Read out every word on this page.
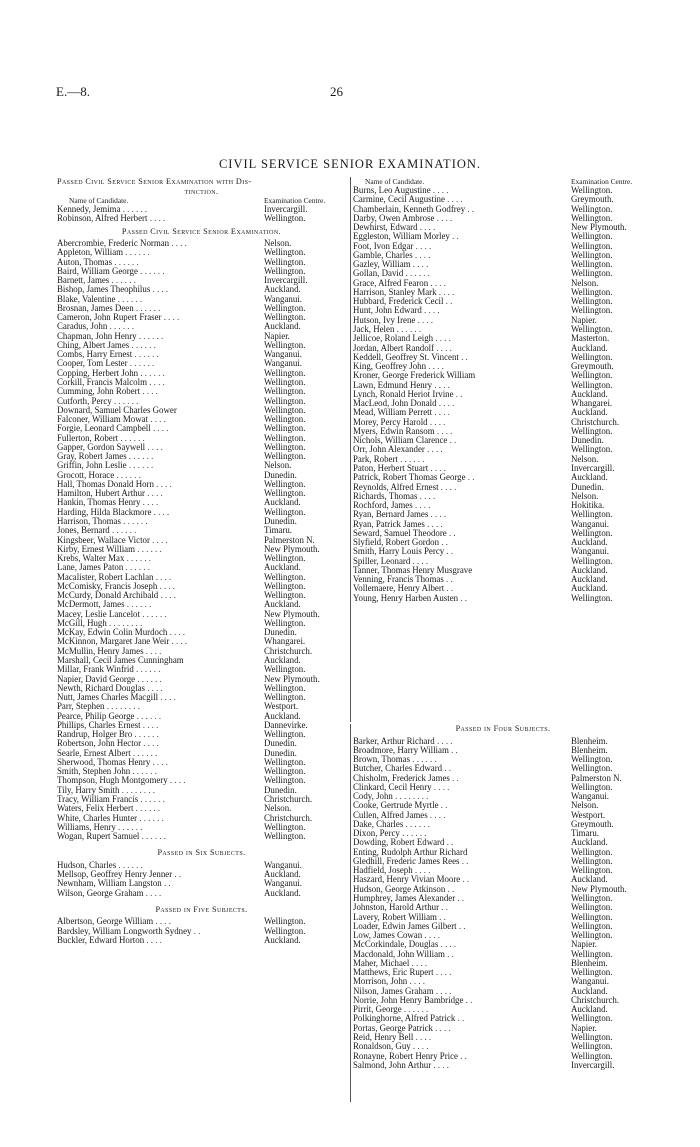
E.—8.	26
CIVIL SERVICE SENIOR EXAMINATION.
Passed Civil Service Senior Examination with Dis-
tinction.
Name of Candidate.	Examination Centre.
Kennedy, Jemima . . . . . .	Invercargill.
Robinson, Alfred Herbert . . . .	Wellington.
Passed Civil Service Senior Examination.
Abercrombie, Frederic Norman . . . .	Nelson.
Appleton, William . . . . . .	Wellington.
Auton, Thomas . . . . . .	Wellington.
Baird, William George . . . . . .	Wellington.
Barnett, James . . . . . .	Invercargill.
Bishop, James Theophilus . . . .	Auckland.
Blake, Valentine . . . . . .	Wanganui.
Brosnan, James Deen . . . . . .	Wellington.
Cameron, John Rupert Fraser . . . .	Wellington.
Caradus, John . . . . . .	Auckland.
Chapman, John Henry . . . . . .	Napier.
Ching, Albert James . . . . . .	Wellington.
Combs, Harry Ernest . . . . . .	Wanganui.
Cooper, Tom Lester . . . . . .	Wanganui.
Copping, Herbert John . . . . . .	Wellington.
Corkill, Francis Malcolm . . . .	Wellington.
Cumming, John Robert . . . .	Wellington.
Cutforth, Percy . . . . . .	Wellington.
Downard, Samuel Charles Gower	Wellington.
Falconer, William Mowat . . . .	Wellington.
Forgie, Leonard Campbell . . . .	Wellington.
Fullerton, Robert . . . . . .	Wellington.
Gapper, Gordon Saywell . . . .	Wellington.
Gray, Robert James . . . . . .	Wellington.
Griffin, John Leslie . . . . . .	Nelson.
Grocott, Horace . . . . . .	Dunedin.
Hall, Thomas Donald Horn . . . .	Wellington.
Hamilton, Hubert Arthur . . . .	Wellington.
Hankin, Thomas Henry . . . .	Auckland.
Harding, Hilda Blackmore . . . .	Wellington.
Harrison, Thomas . . . . . .	Dunedin.
Jones, Bernard . . . . . .	Timaru.
Kingsbeer, Wallace Victor . . . .	Palmerston N.
Kirby, Ernest William . . . . . .	New Plymouth.
Krebs, Walter Max . . . . . .	Wellington.
Lane, James Paton . . . . . .	Auckland.
Macalister, Robert Lachlan . . . .	Wellington.
McComisky, Francis Joseph . . . .	Wellington.
McCurdy, Donald Archibald . . . .	Wellington.
McDermott, James . . . . . .	Auckland.
Macey, Leslie Lancelot . . . . . .	New Plymouth.
McGill, Hugh . . . . . . . .	Wellington.
McKay, Edwin Colin Murdoch . . . .	Dunedin.
McKinnon, Margaret Jane Weir . . . .	Whangarei.
McMullin, Henry James . . . .	Christchurch.
Marshall, Cecil James Cunningham	Auckland.
Millar, Frank Winfrid . . . . . .	Wellington.
Napier, David George . . . . . .	New Plymouth.
Newth, Richard Douglas . . . .	Wellington.
Nutt, James Charles Macgill . . . .	Wellington.
Parr, Stephen . . . . . . . .	Westport.
Pearce, Philip George . . . . . .	Auckland.
Phillips, Charles Ernest . . . .	Dannevirke.
Randrup, Holger Bro . . . . . .	Wellington.
Robertson, John Hector . . . .	Dunedin.
Searle, Ernest Albert . . . . . .	Dunedin.
Sherwood, Thomas Henry . . . .	Wellington.
Smith, Stephen John . . . . . .	Wellington.
Thompson, Hugh Montgomery . . . .	Wellington.
Tily, Harry Smith . . . . . . . .	Dunedin.
Tracy, William Francis . . . . . .	Christchurch.
Waters, Felix Herbert . . . . . .	Nelson.
White, Charles Hunter . . . . . .	Christchurch.
Williams, Henry . . . . . .	Wellington.
Wogan, Rupert Samuel . . . . . .	Wellington.
Passed in Six Subjects.
Hudson, Charles . . . . . .	Wanganui.
Mellsop, Geoffrey Henry Jenner . .	Auckland.
Newnham, William Langston . .	Wanganui.
Wilson, George Graham . . . .	Auckland.
Passed in Five Subjects.
Albertson, George William . . . .	Wellington.
Bardsley, William Longworth Sydney . .	Wellington.
Buckler, Edward Horton . . . .	Auckland.
Name of Candidate.	Examination Centre.
Burns, Leo Augustine . . . .	Wellington.
Carmine, Cecil Augustine . . . .	Greymouth.
Chamberlain, Kenneth Godfrey . .	Wellington.
Darby, Owen Ambrose . . . .	Wellington.
Dewhirst, Edward . . . .	New Plymouth.
Eggleston, William Morley . .	Wellington.
Foot, Ivon Edgar . . . .	Wellington.
Gamble, Charles . . . .	Wellington.
Gazley, William . . . .	Wellington.
Gollan, David . . . . . .	Wellington.
Grace, Alfred Fearon . . . .	Nelson.
Harrison, Stanley Mark . . . .	Wellington.
Hubbard, Frederick Cecil . .	Wellington.
Hunt, John Edward . . . .	Wellington.
Hutson, Ivy Irene . . . .	Napier.
Jack, Helen . . . . . .	Wellington.
Jellicoe, Roland Leigh . . . .	Masterton.
Jordan, Albert Randolf . . . .	Auckland.
Keddell, Geoffrey St. Vincent . .	Wellington.
King, Geoffrey John . . . .	Greymouth.
Kroner, George Frederick William	Wellington.
Lawn, Edmund Henry . . . .	Wellington.
Lynch, Ronald Heriot Irvine . .	Auckland.
MacLeod, John Donald . . . .	Whangarei.
Mead, William Perrett . . . .	Auckland.
Morey, Percy Harold . . . .	Christchurch.
Myers, Edwin Ransom . . . .	Wellington.
Nichols, William Clarence . .	Dunedin.
Orr, John Alexander . . . .	Wellington.
Park, Robert . . . . . .	Nelson.
Paton, Herbert Stuart . . . .	Invercargill.
Patrick, Robert Thomas George . .	Auckland.
Reynolds, Alfred Ernest . . . .	Dunedin.
Richards, Thomas . . . .	Nelson.
Rochford, James . . . .	Hokitika.
Ryan, Bernard James . . . .	Wellington.
Ryan, Patrick James . . . .	Wanganui.
Seward, Samuel Theodore . .	Wellington.
Slyfield, Robert Gordon . .	Auckland.
Smith, Harry Louis Percy . .	Wanganui.
Spiller, Leonard . . . .	Wellington.
Tanner, Thomas Henry Musgrave	Auckland.
Venning, Francis Thomas . .	Auckland.
Vollemaere, Henry Albert . .	Auckland.
Young, Henry Harben Austen . .	Wellington.
Passed in Four Subjects.
Barker, Arthur Richard . . . .	Blenheim.
Broadmore, Harry William . .	Blenheim.
Brown, Thomas . . . . . .	Wellington.
Butcher, Charles Edward . .	Wellington.
Chisholm, Frederick James . .	Palmerston N.
Clinkard, Cecil Henry . . . .	Wellington.
Cody, John . . . . . . . .	Wanganui.
Cooke, Gertrude Myrtle . .	Nelson.
Cullen, Alfred James . . . .	Westport.
Dake, Charles . . . . . .	Greymouth.
Dixon, Percy . . . . . .	Timaru.
Dowding, Robert Edward . .	Auckland.
Enting, Rudolph Arthur Richard	Wellington.
Gledhill, Frederic James Rees . .	Wellington.
Hadfield, Joseph . . . .	Wellington.
Haszard, Henry Vivian Moore . .	Auckland.
Hudson, George Atkinson . .	New Plymouth.
Humphrey, James Alexander . .	Wellington.
Johnston, Harold Arthur . .	Wellington.
Lavery, Robert William . .	Wellington.
Loader, Edwin James Gilbert . .	Wellington.
Low, James Cowan . . . .	Wellington.
McCorkindale, Douglas . . . .	Napier.
Macdonald, John William . .	Wellington.
Maher, Michael . . . .	Blenheim.
Matthews, Eric Rupert . . . .	Wellington.
Morrison, John . . . .	Wanganui.
Nilson, James Graham . . . .	Auckland.
Norrie, John Henry Bambridge . .	Christchurch.
Pirrit, George . . . . . .	Auckland.
Polkinghorne, Alfred Patrick . .	Wellington.
Portas, George Patrick . . . .	Napier.
Reid, Henry Bell . . . .	Wellington.
Ronaldson, Guy . . . .	Wellington.
Ronayne, Robert Henry Price . .	Wellington.
Salmond, John Arthur . . . .	Invercargill.
